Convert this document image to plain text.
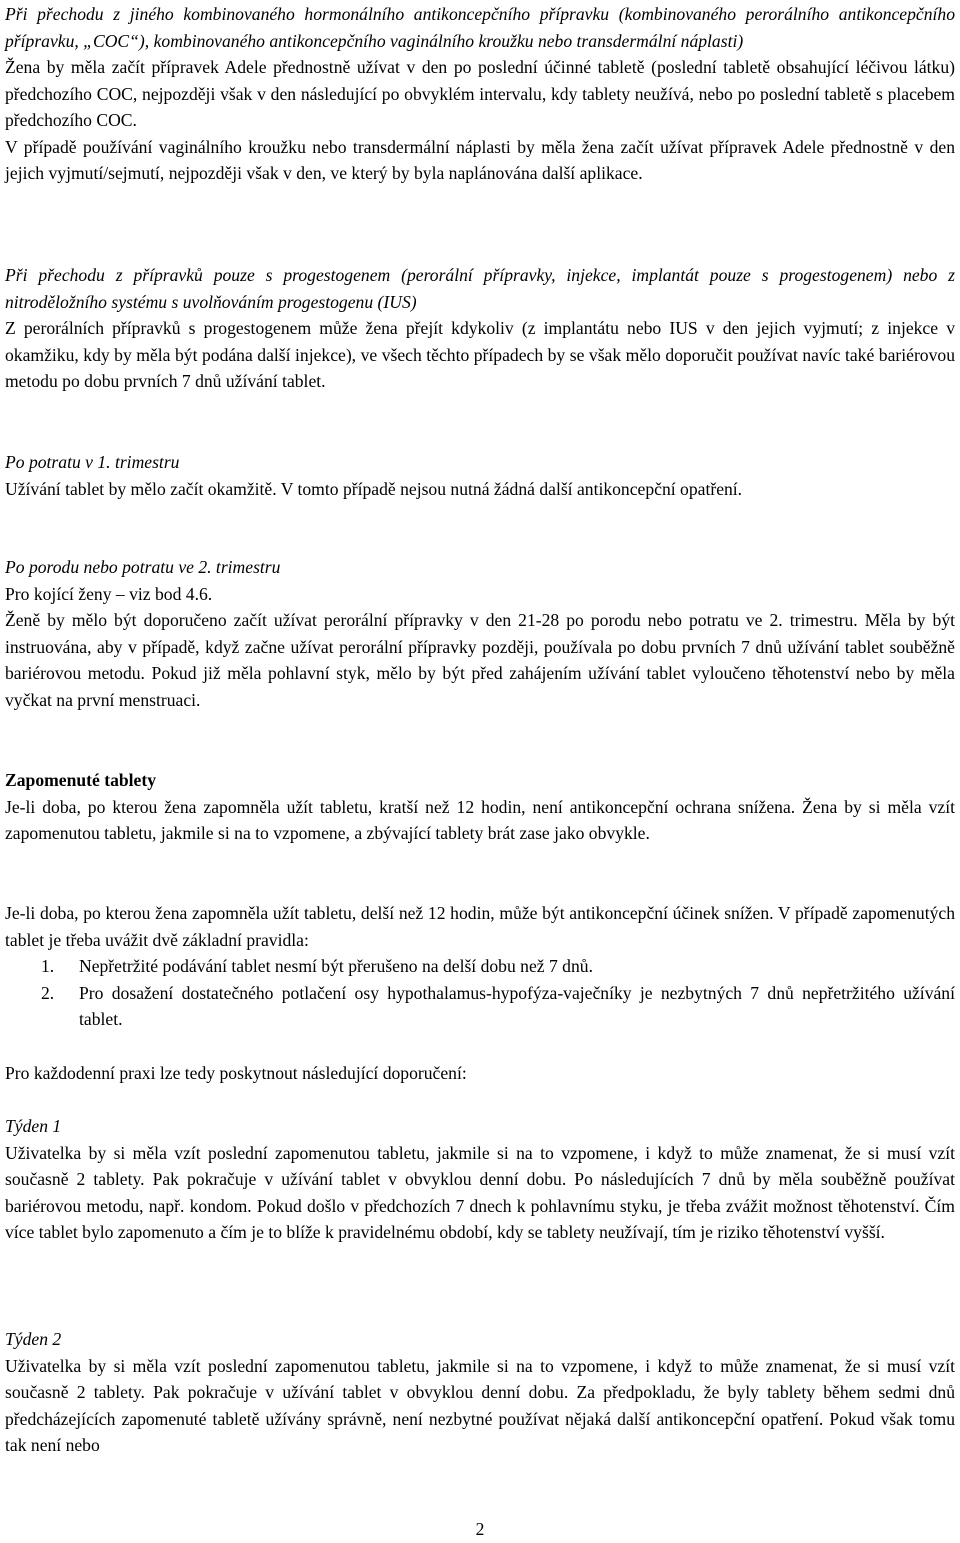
Při přechodu z jiného kombinovaného hormonálního antikoncepčního přípravku (kombinovaného perorálního antikoncepčního přípravku, „COC“), kombinovaného antikoncepčního vaginálního kroužku nebo transdermální náplasti)

Žena by měla začít přípravek Adele přednostně užívat v den po poslední účinné tabletě (poslední tabletě obsahující léčivou látku) předchozího COC, nejpozději však v den následující po obvyklém intervalu, kdy tablety neužívá, nebo po poslední tabletě s placebem předchozího COC.

V případě používání vaginálního kroužku nebo transdermální náplasti by měla žena začít užívat přípravek Adele přednostně v den jejich vyjmutí/sejmutí, nejpozději však v den, ve který by byla naplánována další aplikace.

Při přechodu z přípravků pouze s progestogenem (perorální přípravky, injekce, implantát pouze s progestogenem) nebo z nitroděložního systému s uvolňováním progestogenu (IUS)

Z perorálních přípravků s progestogenem může žena přejít kdykoliv (z implantátu nebo IUS v den jejich vyjmutí; z injekce v okamžiku, kdy by měla být podána další injekce), ve všech těchto případech by se však mělo doporučit používat navíc také bariérovou metodu po dobu prvních 7 dnů užívání tablet.

Po potratu v 1. trimestru

Užívání tablet by mělo začít okamžitě. V tomto případě nejsou nutná žádná další antikoncepční opatření.

Po porodu nebo potratu ve 2. trimestru

Pro kojící ženy – viz bod 4.6.

Ženě by mělo být doporučeno začít užívat perorální přípravky v den 21-28 po porodu nebo potratu ve 2. trimestru. Měla by být instruována, aby v případě, když začne užívat perorální přípravky později, používala po dobu prvních 7 dnů užívání tablet souběžně bariérovou metodu. Pokud již měla pohlavní styk, mělo by být před zahájením užívání tablet vyloučeno těhotenství nebo by měla vyčkat na první menstruaci.

Zapomenuté tablety

Je-li doba, po kterou žena zapomněla užít tabletu, kratší než 12 hodin, není antikoncepční ochrana snížena. Žena by si měla vzít zapomenutou tabletu, jakmile si na to vzpomene, a zbývající tablety brát zase jako obvykle.

Je-li doba, po kterou žena zapomněla užít tabletu, delší než 12 hodin, může být antikoncepční účinek snížen. V případě zapomenutých tablet je třeba uvážit dvě základní pravidla:

1. Nepřetržité podávání tablet nesmí být přerušeno na delší dobu než 7 dnů.
2. Pro dosažení dostatečného potlačení osy hypothalamus-hypofýza-vaječníky je nezbytných 7 dnů nepřetržitého užívání tablet.

Pro každodenní praxi lze tedy poskytnout následující doporučení:

Týden 1

Uživatelka by si měla vzít poslední zapomenutou tabletu, jakmile si na to vzpomene, i když to může znamenat, že si musí vzít současně 2 tablety. Pak pokračuje v užívání tablet v obvyklou denní dobu. Po následujících 7 dnů by měla souběžně používat bariérovou metodu, např. kondom. Pokud došlo v předchozích 7 dnech k pohlavnímu styku, je třeba zvážit možnost těhotenství. Čím více tablet bylo zapomenuto a čím je to blíže k pravidelnému období, kdy se tablety neužívají, tím je riziko těhotenství vyšší.

Týden 2

Uživatelka by si měla vzít poslední zapomenutou tabletu, jakmile si na to vzpomene, i když to může znamenat, že si musí vzít současně 2 tablety. Pak pokračuje v užívání tablet v obvyklou denní dobu. Za předpokladu, že byly tablety během sedmi dnů předcházejících zapomenuté tabletě užívány správně, není nezbytné používat nějaká další antikoncepční opatření. Pokud však tomu tak není nebo

2
